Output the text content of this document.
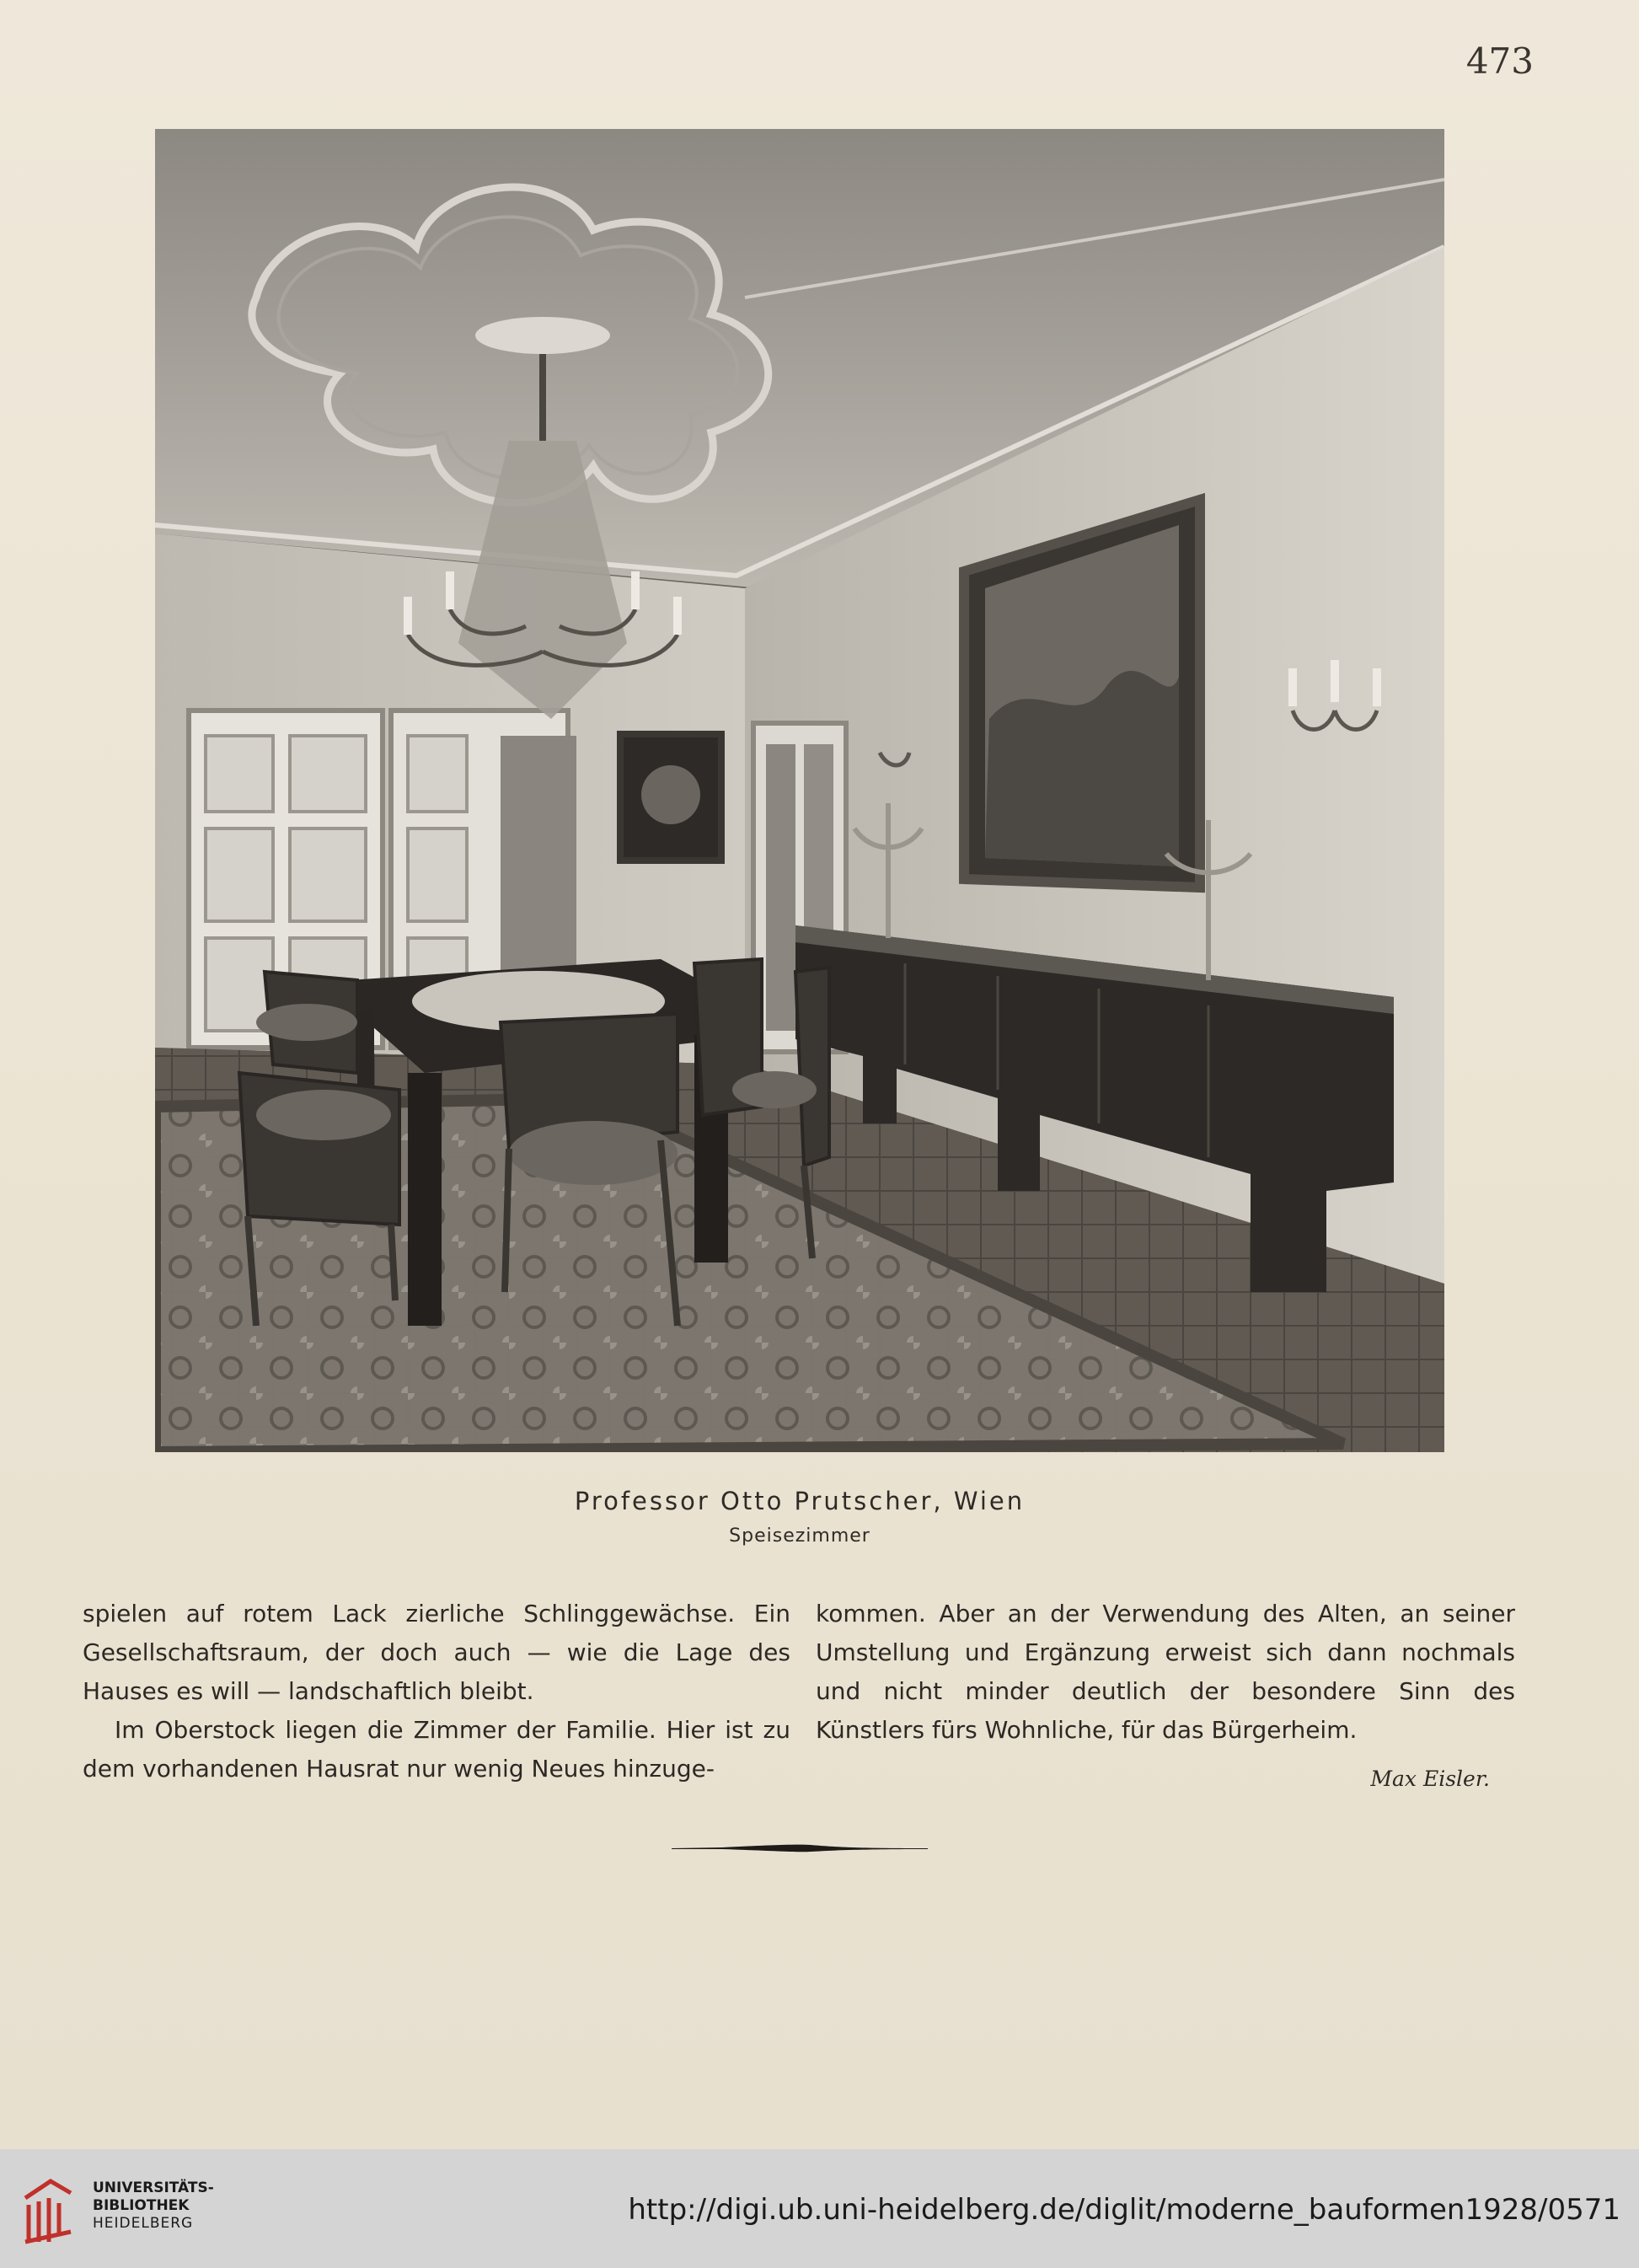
473
Professor Otto Prutscher, Wien
Speisezimmer

spielen auf rotem Lack zierliche Schlinggewächse. Ein Gesellschaftsraum, der doch auch — wie die Lage des Hauses es will — landschaftlich bleibt.

Im Oberstock liegen die Zimmer der Familie. Hier ist zu dem vorhandenen Hausrat nur wenig Neues hinzuge-

kommen. Aber an der Verwendung des Alten, an seiner Umstellung und Ergänzung erweist sich dann nochmals und nicht minder deutlich der besondere Sinn des Künstlers fürs Wohnliche, für das Bürgerheim.

Max Eisler.
UNIVERSITÄTS-
BIBLIOTHEK
HEIDELBERG	http://digi.ub.uni-heidelberg.de/diglit/moderne_bauformen1928/0571
